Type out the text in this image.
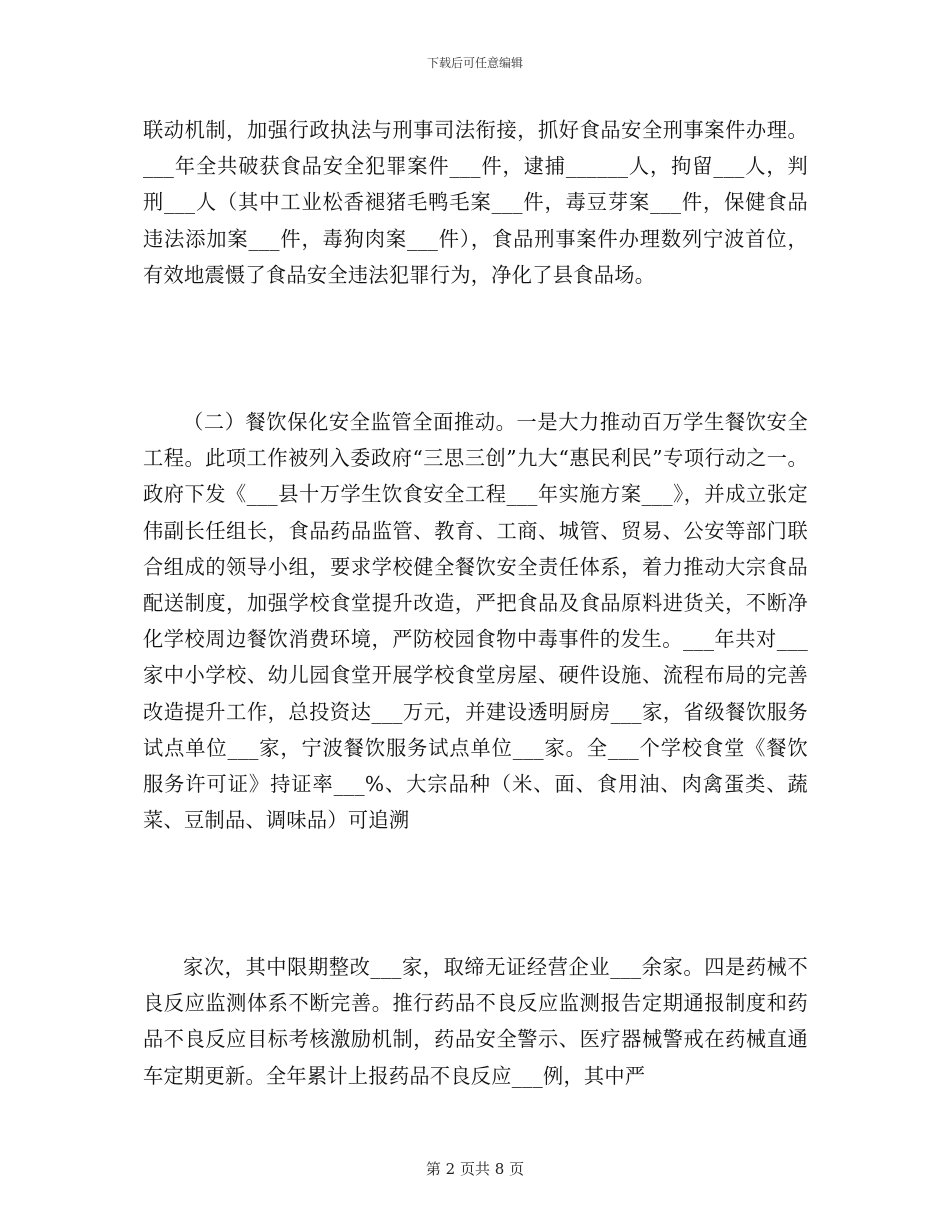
下载后可任意编辑

联动机制，加强行政执法与刑事司法衔接，抓好食品安全刑事案件办理。___年全共破获食品安全犯罪案件___件，逮捕______人，拘留___人，判刑___人（其中工业松香褪猪毛鸭毛案___件，毒豆芽案___件，保健食品违法添加案___件，毒狗肉案___件），食品刑事案件办理数列宁波首位，有效地震慑了食品安全违法犯罪行为，净化了县食品场。

（二）餐饮保化安全监管全面推动。一是大力推动百万学生餐饮安全工程。此项工作被列入委政府“三思三创”九大“惠民利民”专项行动之一。政府下发《___县十万学生饮食安全工程___年实施方案___》，并成立张定伟副长任组长，食品药品监管、教育、工商、城管、贸易、公安等部门联合组成的领导小组，要求学校健全餐饮安全责任体系，着力推动大宗食品配送制度，加强学校食堂提升改造，严把食品及食品原料进货关，不断净化学校周边餐饮消费环境，严防校园食物中毒事件的发生。___年共对___家中小学校、幼儿园食堂开展学校食堂房屋、硬件设施、流程布局的完善改造提升工作，总投资达___万元，并建设透明厨房___家，省级餐饮服务试点单位___家，宁波餐饮服务试点单位___家。全___个学校食堂《餐饮服务许可证》持证率___%、大宗品种（米、面、食用油、肉禽蛋类、蔬菜、豆制品、调味品）可追溯

家次，其中限期整改___家，取缔无证经营企业___余家。四是药械不良反应监测体系不断完善。推行药品不良反应监测报告定期通报制度和药品不良反应目标考核激励机制，药品安全警示、医疗器械警戒在药械直通车定期更新。全年累计上报药品不良反应___例，其中严

第 2 页共 8 页
